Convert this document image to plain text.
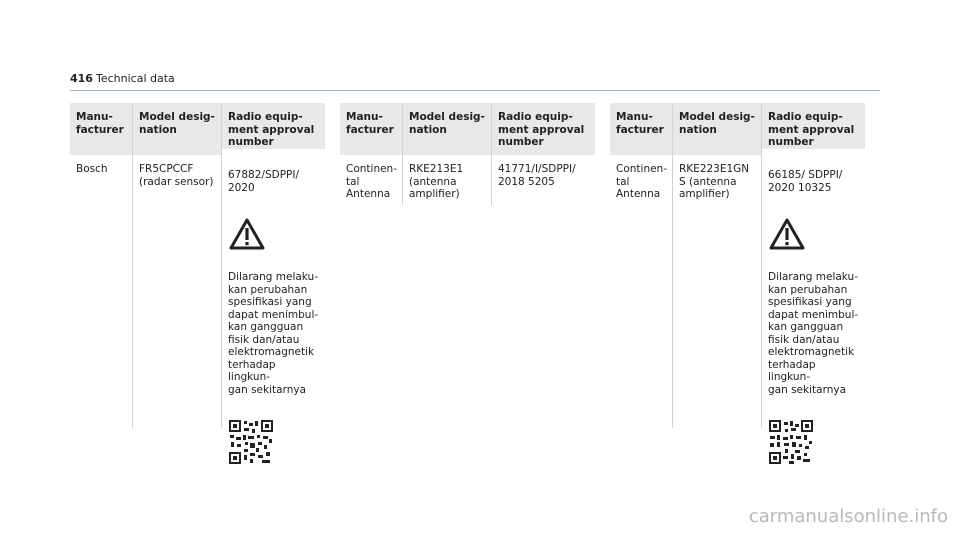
416 Technical data
Manu-
facturer
Bosch
Model desig-
nation
FR5CPCCF
(radar sensor)
Radio equip-
ment approval
number

67882/SDPPI/
2020

Dilarang melaku-
kan perubahan
spesifikasi yang
dapat menimbul-
kan gangguan
fisik dan/atau
elektromagnetik
terhadap lingkun-
gan sekitarnya

Manu-
facturer
Continen-
tal
Antenna
Model desig-
nation
RKE213E1
(antenna
amplifier)
Radio equip-
ment approval
number
41771/I/SDPPI/
2018 5205
Manu-
facturer
Continen-
tal
Antenna
Model desig-
nation
RKE223E1GN
S (antenna
amplifier)
Radio equip-
ment approval
number

66185/ SDPPI/
2020 10325

Dilarang melaku-
kan perubahan
spesifikasi yang
dapat menimbul-
kan gangguan
fisik dan/atau
elektromagnetik
terhadap lingkun-
gan sekitarnya

carmanualsonline.info
